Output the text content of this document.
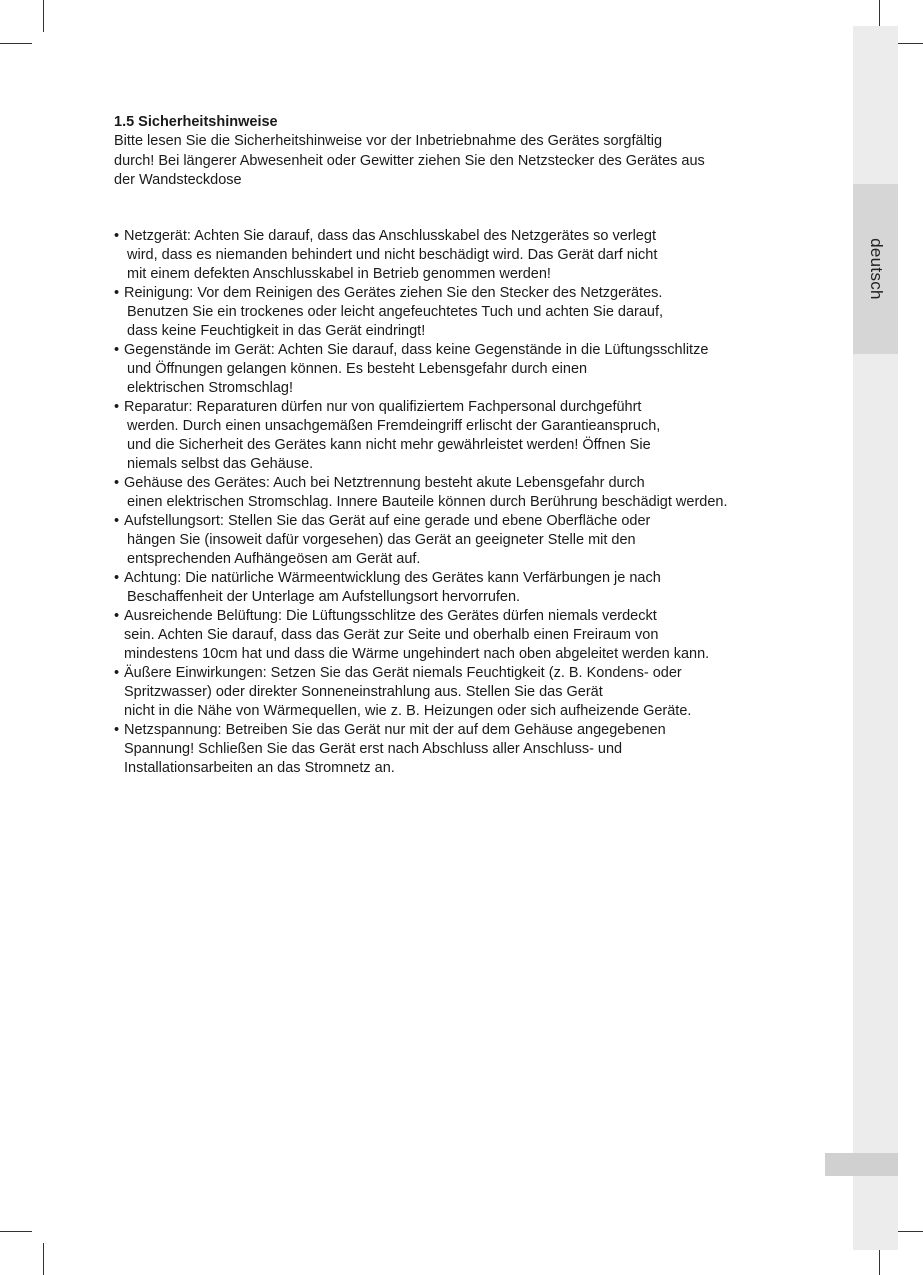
deutsch
1.5 Sicherheitshinweise

Bitte lesen Sie die Sicherheitshinweise vor der Inbetriebnahme des Gerätes sorgfältig
durch! Bei längerer Abwesenheit oder Gewitter ziehen Sie den Netzstecker des Gerätes aus
der Wandsteckdose

• Netzgerät: Achten Sie darauf, dass das Anschlusskabel des Netzgerätes so verlegt
wird, dass es niemanden behindert und nicht beschädigt wird. Das Gerät darf nicht
mit einem defekten Anschlusskabel in Betrieb genommen werden!
• Reinigung: Vor dem Reinigen des Gerätes ziehen Sie den Stecker des Netzgerätes.
Benutzen Sie ein trockenes oder leicht angefeuchtetes Tuch und achten Sie darauf,
dass keine Feuchtigkeit in das Gerät eindringt!
• Gegenstände im Gerät: Achten Sie darauf, dass keine Gegenstände in die Lüftungsschlitze
und Öffnungen gelangen können. Es besteht Lebensgefahr durch einen
elektrischen Stromschlag!
• Reparatur: Reparaturen dürfen nur von qualifiziertem Fachpersonal durchgeführt
werden. Durch einen unsachgemäßen Fremdeingriff erlischt der Garantieanspruch,
und die Sicherheit des Gerätes kann nicht mehr gewährleistet werden! Öffnen Sie
niemals selbst das Gehäuse.
• Gehäuse des Gerätes: Auch bei Netztrennung besteht akute Lebensgefahr durch
einen elektrischen Stromschlag. Innere Bauteile können durch Berührung beschädigt werden.
• Aufstellungsort: Stellen Sie das Gerät auf eine gerade und ebene Oberfläche oder
hängen Sie (insoweit dafür vorgesehen) das Gerät an geeigneter Stelle mit den
entsprechenden Aufhängeösen am Gerät auf.
• Achtung: Die natürliche Wärmeentwicklung des Gerätes kann Verfärbungen je nach
Beschaffenheit der Unterlage am Aufstellungsort hervorrufen.
• Ausreichende Belüftung: Die Lüftungsschlitze des Gerätes dürfen niemals verdeckt
sein. Achten Sie darauf, dass das Gerät zur Seite und oberhalb einen Freiraum von
mindestens 10cm hat und dass die Wärme ungehindert nach oben abgeleitet werden kann.
• Äußere Einwirkungen: Setzen Sie das Gerät niemals Feuchtigkeit (z. B. Kondens- oder
Spritzwasser) oder direkter Sonneneinstrahlung aus. Stellen Sie das Gerät
nicht in die Nähe von Wärmequellen, wie z. B. Heizungen oder sich aufheizende Geräte.
• Netzspannung: Betreiben Sie das Gerät nur mit der auf dem Gehäuse angegebenen
Spannung! Schließen Sie das Gerät erst nach Abschluss aller Anschluss- und
Installationsarbeiten an das Stromnetz an.
